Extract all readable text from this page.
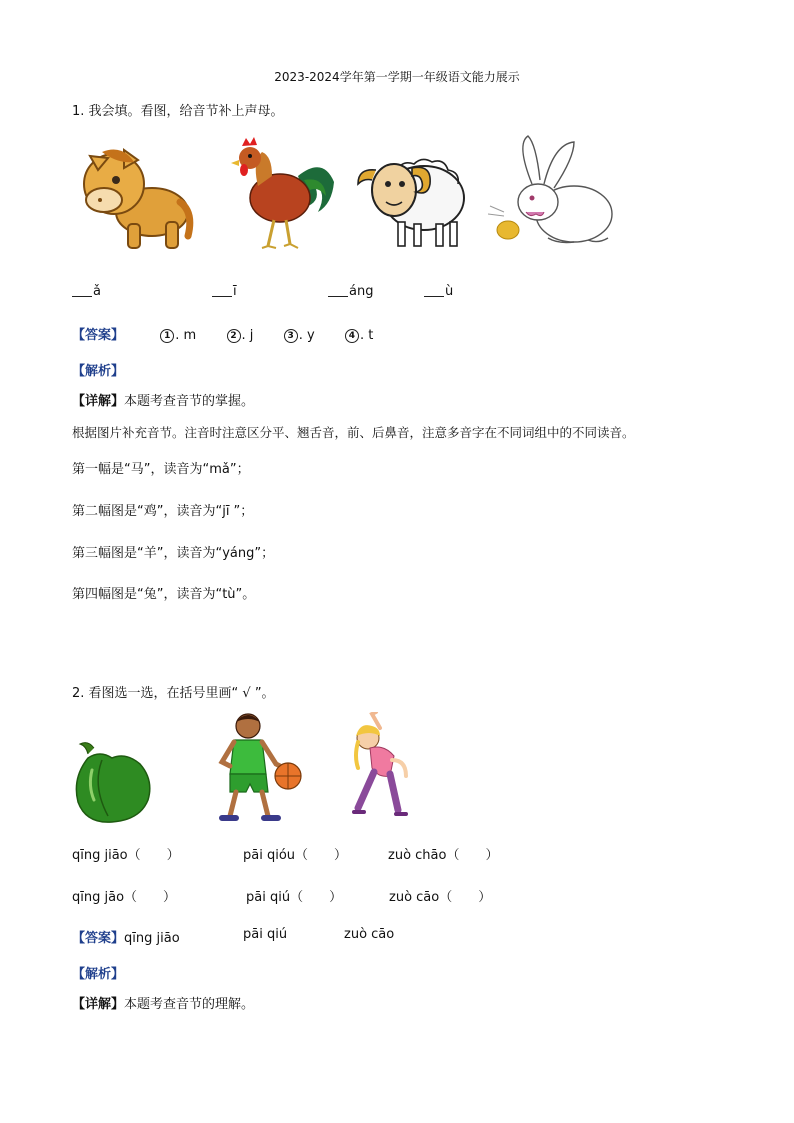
2023-2024学年第一学期一年级语文能力展示
1. 我会填。看图，给音节补上声母。
ǎ	ī	áng	ù
【答案】	1 . m	2 . j	3 . y	4 . t
【解析】
【详解】本题考查音节的掌握。
根据图片补充音节。注音时注意区分平、翘舌音，前、后鼻音，注意多音字在不同词组中的不同读音。
第一幅是“马”，读音为“mǎ”；
第二幅图是“鸡”，读音为“jī ”；
第三幅图是“羊”，读音为“yáng”；
第四幅图是“兔”，读音为“tù”。
2. 看图选一选，在括号里画“ √ ”。
qīng jiāo（　　）	pāi qióu（　　）	zuò chāo（　　）
qīng jāo（　　）	pāi qiú（　　）	zuò cāo（　　）
【答案】qīng jiāo	pāi qiú	zuò cāo
【解析】
【详解】本题考查音节的理解。
